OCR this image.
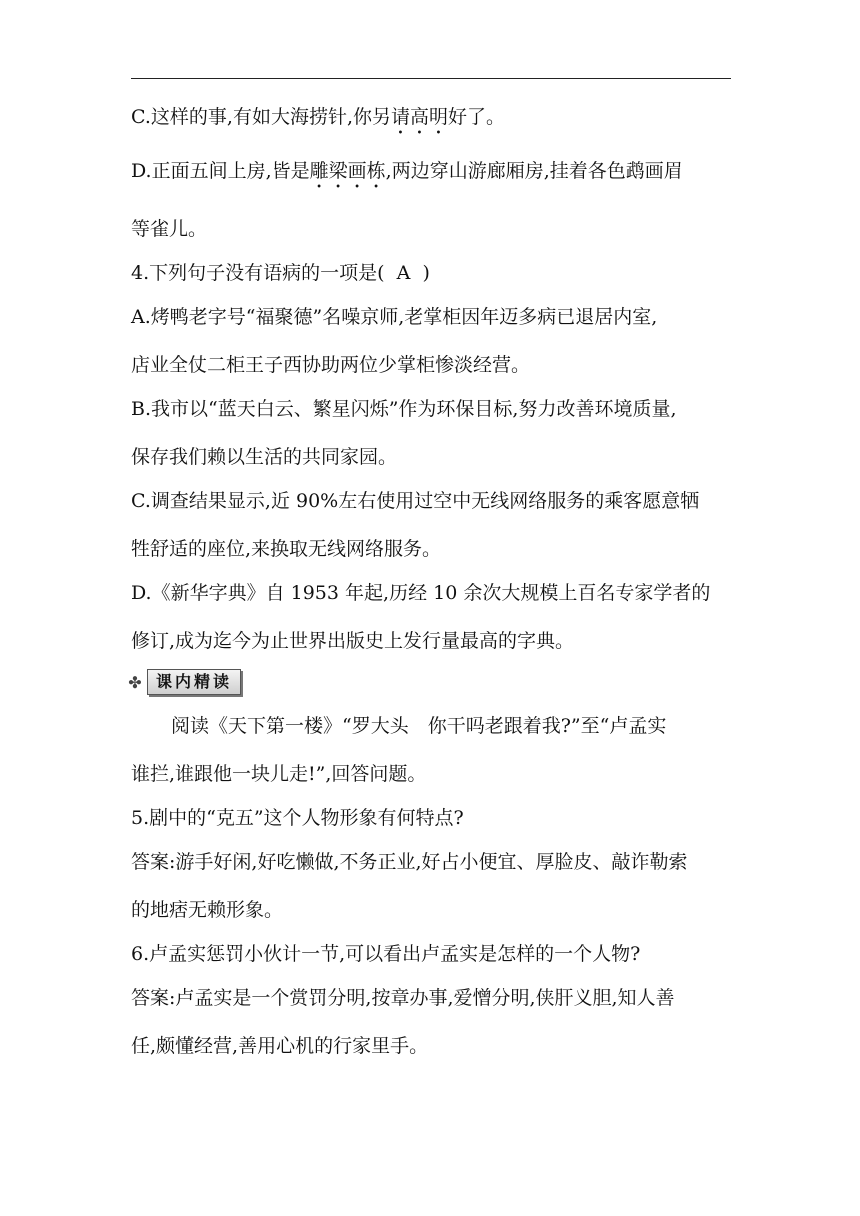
C.这样的事,有如大海捞针,你另请高明好了。

D.正面五间上房,皆是雕梁画栋,两边穿山游廊厢房,挂着各色鹉画眉

等雀儿。

4.下列句子没有语病的一项是(  A  )

A.烤鸭老字号“福聚德”名噪京师,老掌柜因年迈多病已退居内室,

店业全仗二柜王子西协助两位少掌柜惨淡经营。

B.我市以“蓝天白云、繁星闪烁”作为环保目标,努力改善环境质量,

保存我们赖以生活的共同家园。

C.调查结果显示,近 90%左右使用过空中无线网络服务的乘客愿意牺

牲舒适的座位,来换取无线网络服务。

D.《新华字典》自 1953 年起,历经 10 余次大规模上百名专家学者的

修订,成为迄今为止世界出版史上发行量最高的字典。

✤ 课内精读

阅读《天下第一楼》“罗大头　你干吗老跟着我?”至“卢孟实

谁拦,谁跟他一块儿走!”,回答问题。

5.剧中的“克五”这个人物形象有何特点?

答案:游手好闲,好吃懒做,不务正业,好占小便宜、厚脸皮、敲诈勒索

的地痞无赖形象。

6.卢孟实惩罚小伙计一节,可以看出卢孟实是怎样的一个人物?

答案:卢孟实是一个赏罚分明,按章办事,爱憎分明,侠肝义胆,知人善

任,颇懂经营,善用心机的行家里手。
